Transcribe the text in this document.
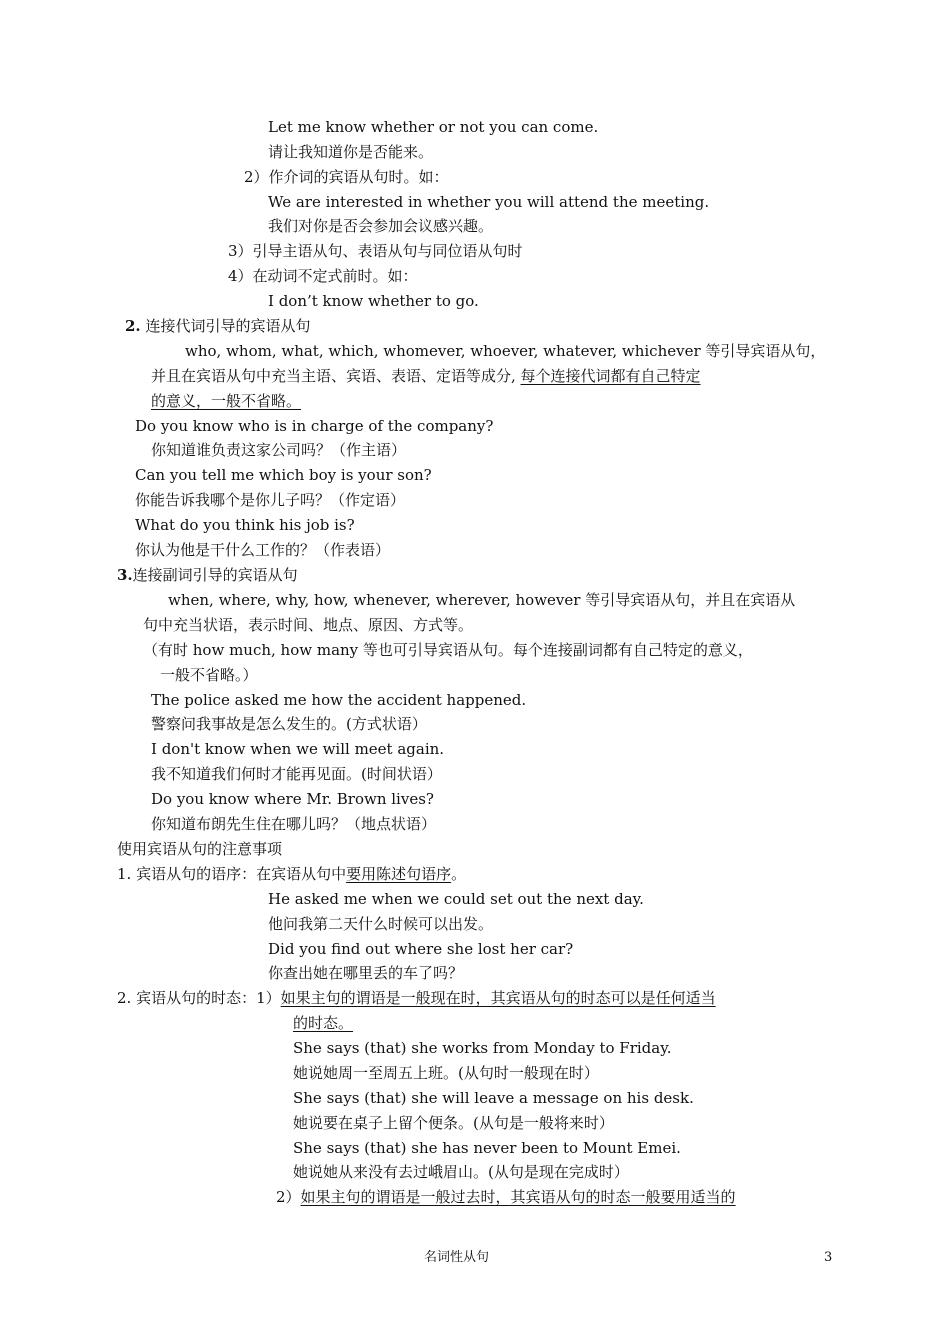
Let me know whether or not you can come.
请让我知道你是否能来。
2）作介词的宾语从句时。如：
We are interested in whether you will attend the meeting.
我们对你是否会参加会议感兴趣。
3）引导主语从句、表语从句与同位语从句时
4）在动词不定式前时。如：
I don’t know whether to go.
2. 连接代词引导的宾语从句
who, whom, what, which, whomever, whoever, whatever, whichever 等引导宾语从句，
并且在宾语从句中充当主语、宾语、表语、定语等成分, 每个连接代词都有自己特定
的意义，一般不省略。
Do you know who is in charge of the company?
你知道谁负责这家公司吗？（作主语）
Can you tell me which boy is your son?
你能告诉我哪个是你儿子吗？（作定语）
What do you think his job is?
你认为他是干什么工作的？（作表语）
3.连接副词引导的宾语从句
when, where, why, how, whenever, wherever, however 等引导宾语从句，并且在宾语从
句中充当状语，表示时间、地点、原因、方式等。
（有时 how much, how many 等也可引导宾语从句。每个连接副词都有自己特定的意义，
一般不省略。）
The police asked me how the accident happened.
警察问我事故是怎么发生的。(方式状语）
I don't know when we will meet again.
我不知道我们何时才能再见面。(时间状语）
Do you know where Mr. Brown lives?
你知道布朗先生住在哪儿吗？（地点状语）
使用宾语从句的注意事项
1. 宾语从句的语序：在宾语从句中要用陈述句语序。
He asked me when we could set out the next day.
他问我第二天什么时候可以出发。
Did you find out where she lost her car?
你查出她在哪里丢的车了吗？
2. 宾语从句的时态：1）如果主句的谓语是一般现在时，其宾语从句的时态可以是任何适当
的时态。
She says (that) she works from Monday to Friday.
她说她周一至周五上班。(从句时一般现在时）
She says (that) she will leave a message on his desk.
她说要在桌子上留个便条。(从句是一般将来时）
She says (that) she has never been to Mount Emei.
她说她从来没有去过峨眉山。(从句是现在完成时）
2）如果主句的谓语是一般过去时，其宾语从句的时态一般要用适当的
名词性从句	3
